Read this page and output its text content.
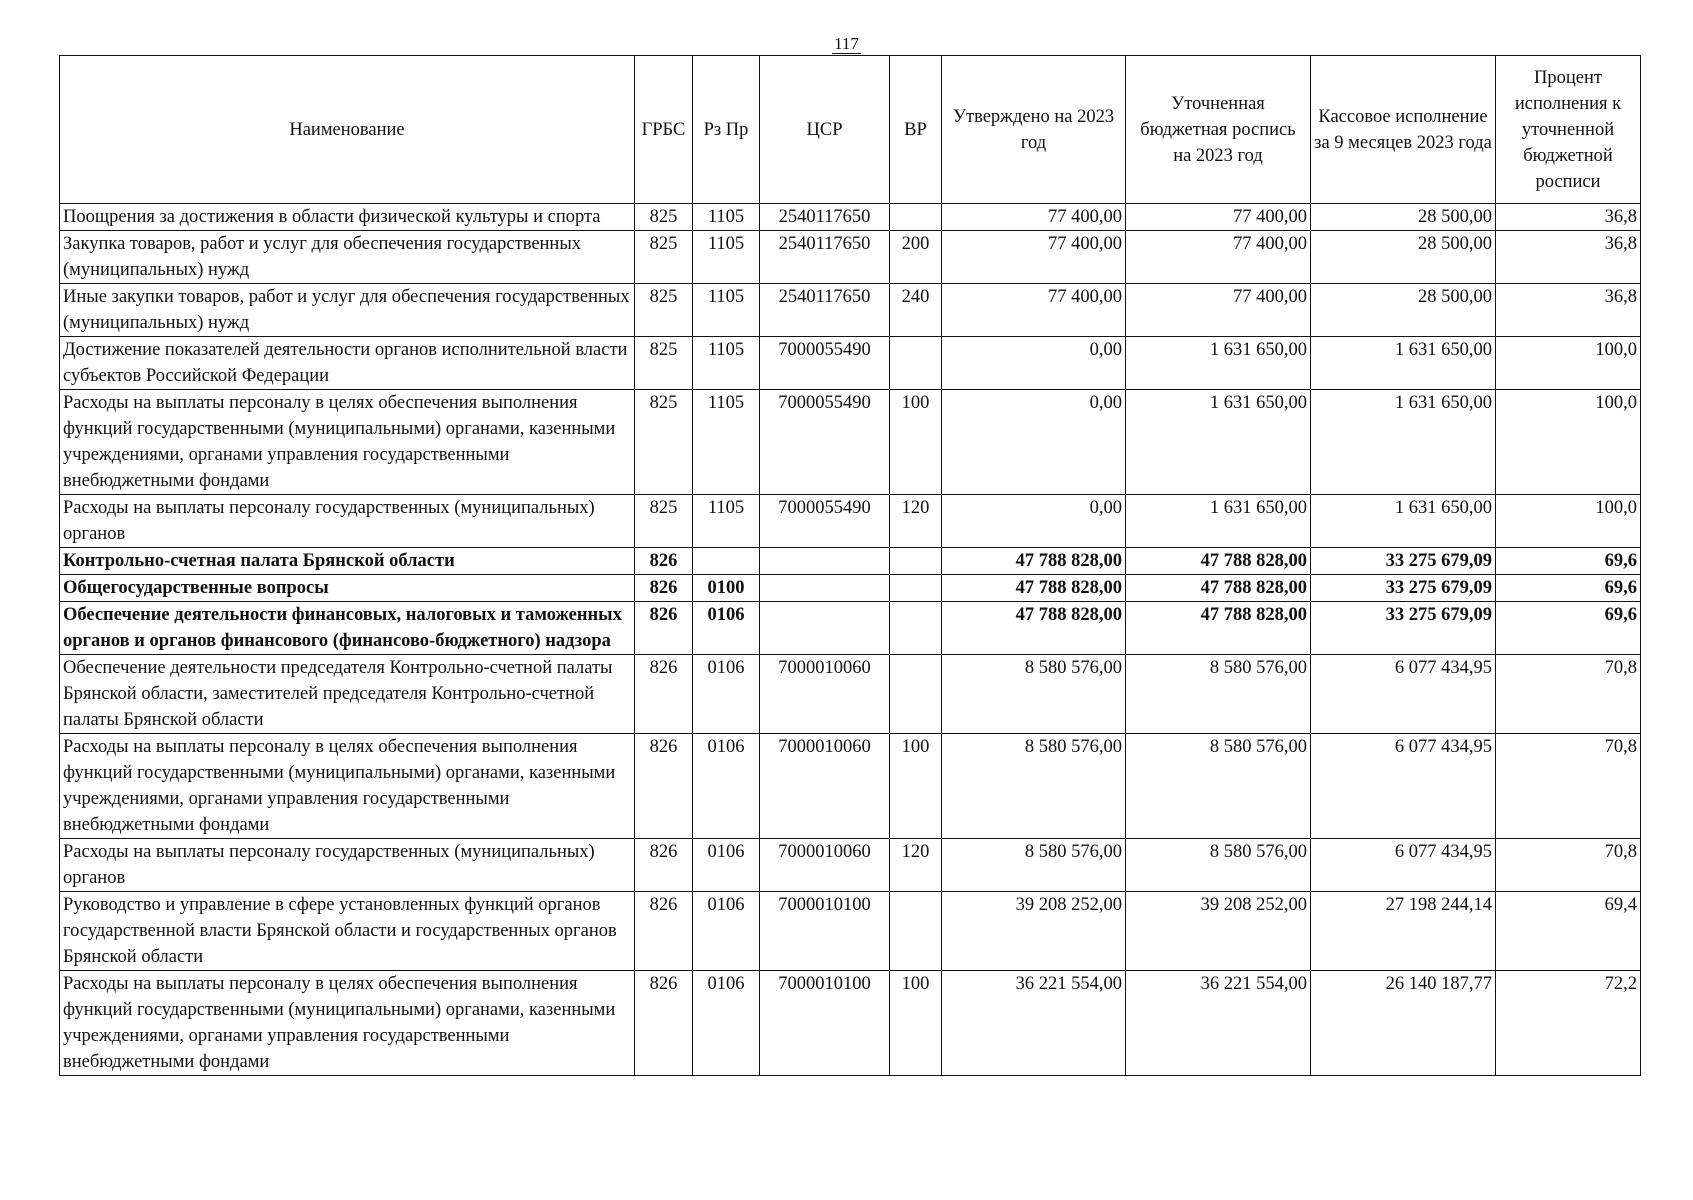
117
Наименование	ГРБС	Рз Пр	ЦСР	ВР	Утверждено на 2023 год	Уточненная бюджетная роспись на 2023 год	Кассовое исполнение за 9 месяцев 2023 года	Процент исполнения к уточненной бюджетной росписи
Поощрения за достижения в области физической культуры и спорта	825	1105	2540117650		77 400,00	77 400,00	28 500,00	36,8
Закупка товаров, работ и услуг для обеспечения государственных (муниципальных) нужд	825	1105	2540117650	200	77 400,00	77 400,00	28 500,00	36,8
Иные закупки товаров, работ и услуг для обеспечения государственных (муниципальных) нужд	825	1105	2540117650	240	77 400,00	77 400,00	28 500,00	36,8
Достижение показателей деятельности органов исполнительной власти субъектов Российской Федерации	825	1105	7000055490		0,00	1 631 650,00	1 631 650,00	100,0
Расходы на выплаты персоналу в целях обеспечения выполнения функций государственными (муниципальными) органами, казенными учреждениями, органами управления государственными внебюджетными фондами	825	1105	7000055490	100	0,00	1 631 650,00	1 631 650,00	100,0
Расходы на выплаты персоналу государственных (муниципальных) органов	825	1105	7000055490	120	0,00	1 631 650,00	1 631 650,00	100,0
Контрольно-счетная палата Брянской области	826				47 788 828,00	47 788 828,00	33 275 679,09	69,6
Общегосударственные вопросы	826	0100			47 788 828,00	47 788 828,00	33 275 679,09	69,6
Обеспечение деятельности финансовых, налоговых и таможенных органов и органов финансового (финансово-бюджетного) надзора	826	0106			47 788 828,00	47 788 828,00	33 275 679,09	69,6
Обеспечение деятельности председателя Контрольно-счетной палаты Брянской области, заместителей председателя Контрольно-счетной палаты Брянской области	826	0106	7000010060		8 580 576,00	8 580 576,00	6 077 434,95	70,8
Расходы на выплаты персоналу в целях обеспечения выполнения функций государственными (муниципальными) органами, казенными учреждениями, органами управления государственными внебюджетными фондами	826	0106	7000010060	100	8 580 576,00	8 580 576,00	6 077 434,95	70,8
Расходы на выплаты персоналу государственных (муниципальных) органов	826	0106	7000010060	120	8 580 576,00	8 580 576,00	6 077 434,95	70,8
Руководство и управление в сфере установленных функций органов государственной власти Брянской области и государственных органов Брянской области	826	0106	7000010100		39 208 252,00	39 208 252,00	27 198 244,14	69,4
Расходы на выплаты персоналу в целях обеспечения выполнения функций государственными (муниципальными) органами, казенными учреждениями, органами управления государственными внебюджетными фондами	826	0106	7000010100	100	36 221 554,00	36 221 554,00	26 140 187,77	72,2
